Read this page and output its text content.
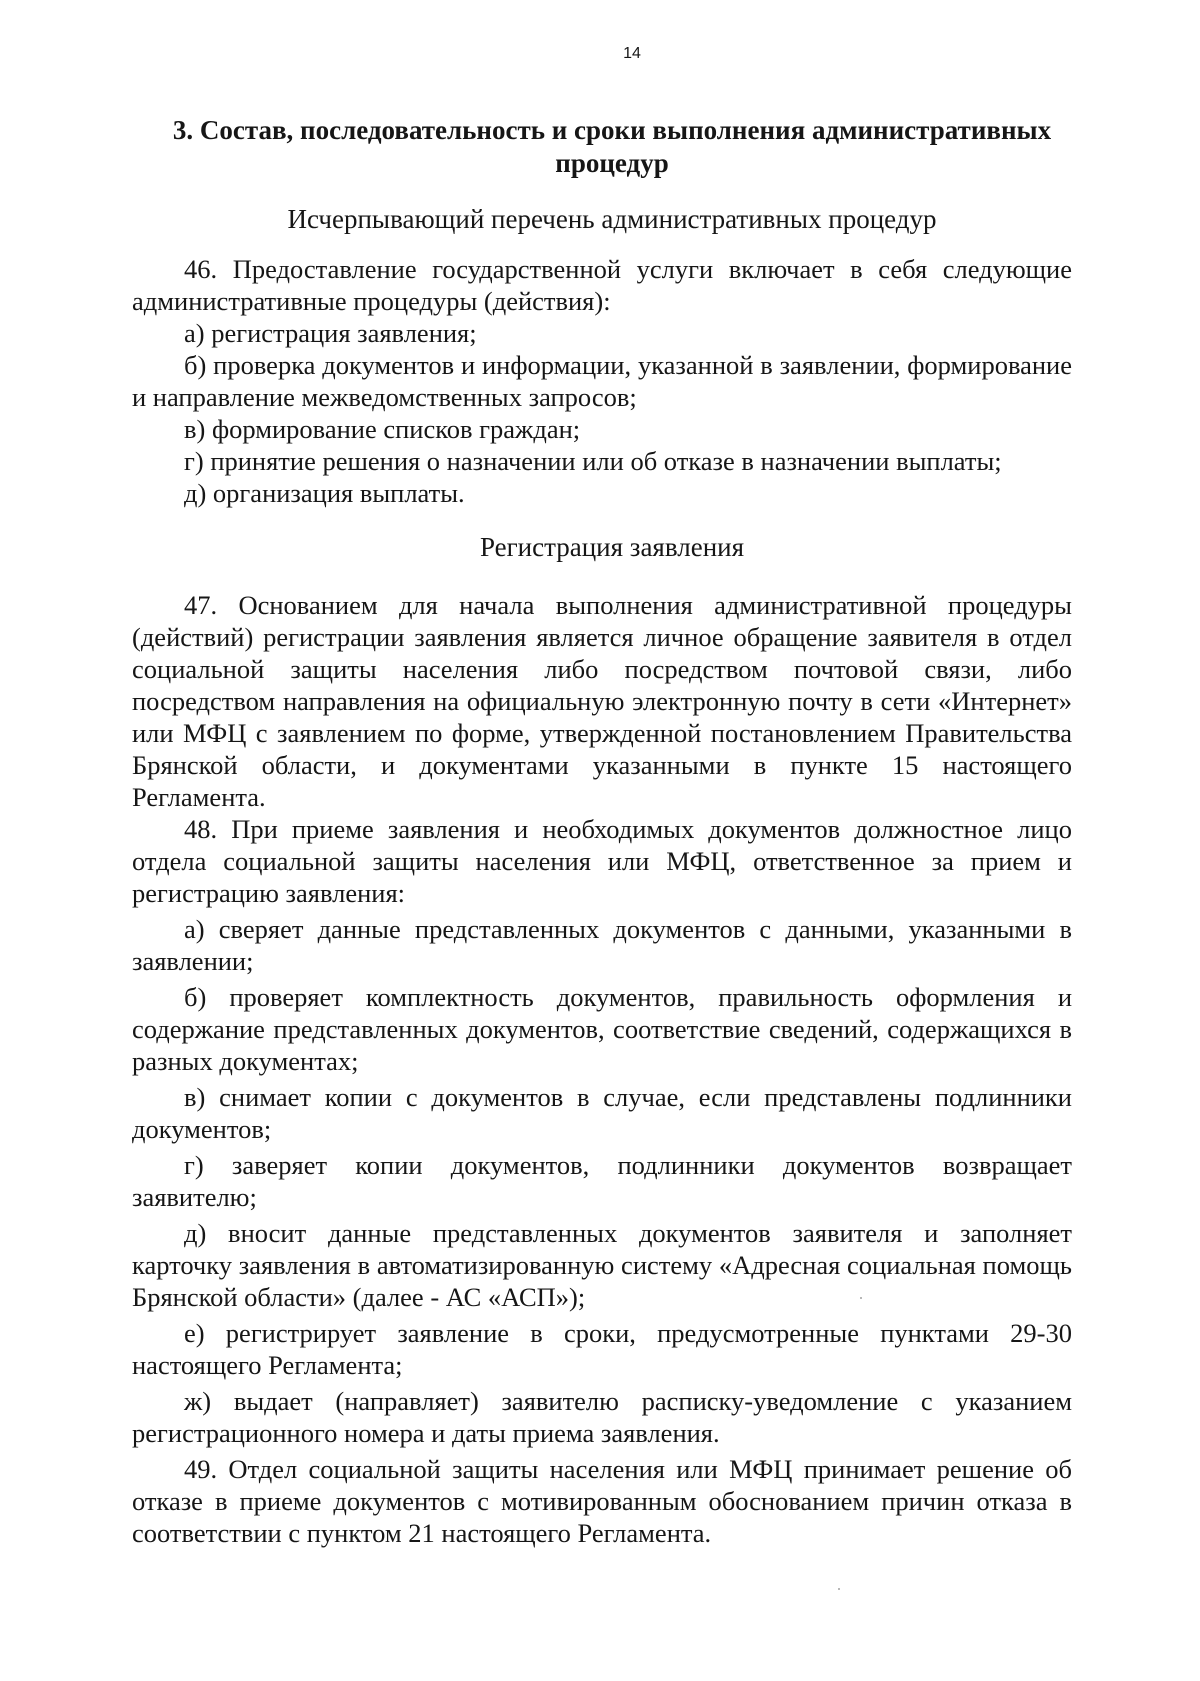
14
3. Состав, последовательность и сроки выполнения административных
процедур
Исчерпывающий перечень административных процедур

46. Предоставление государственной услуги включает в себя следующие административные процедуры (действия):

а) регистрация заявления;

б) проверка документов и информации, указанной в заявлении, формирование и направление межведомственных запросов;

в) формирование списков граждан;

г) принятие решения о назначении или об отказе в назначении выплаты;

д) организация выплаты.

Регистрация заявления

47. Основанием для начала выполнения административной процедуры (действий) регистрации заявления является личное обращение заявителя в отдел социальной защиты населения либо посредством почтовой связи, либо посредством направления на официальную электронную почту в сети «Интернет» или МФЦ с заявлением по форме, утвержденной постановлением Правительства Брянской области, и документами указанными в пункте 15 настоящего Регламента.

48. При приеме заявления и необходимых документов должностное лицо отдела социальной защиты населения или МФЦ, ответственное за прием и регистрацию заявления:

а) сверяет данные представленных документов с данными, указанными в заявлении;

б) проверяет комплектность документов, правильность оформления и содержание представленных документов, соответствие сведений, содержащихся в разных документах;

в) снимает копии с документов в случае, если представлены подлинники документов;

г) заверяет копии документов, подлинники документов возвращает заявителю;

д) вносит данные представленных документов заявителя и заполняет карточку заявления в автоматизированную систему «Адресная социальная помощь Брянской области» (далее - АС «АСП»);

е) регистрирует заявление в сроки, предусмотренные пунктами 29-30 настоящего Регламента;

ж) выдает (направляет) заявителю расписку-уведомление с указанием регистрационного номера и даты приема заявления.

49. Отдел социальной защиты населения или МФЦ принимает решение об отказе в приеме документов с мотивированным обоснованием причин отказа в соответствии с пунктом 21 настоящего Регламента.
